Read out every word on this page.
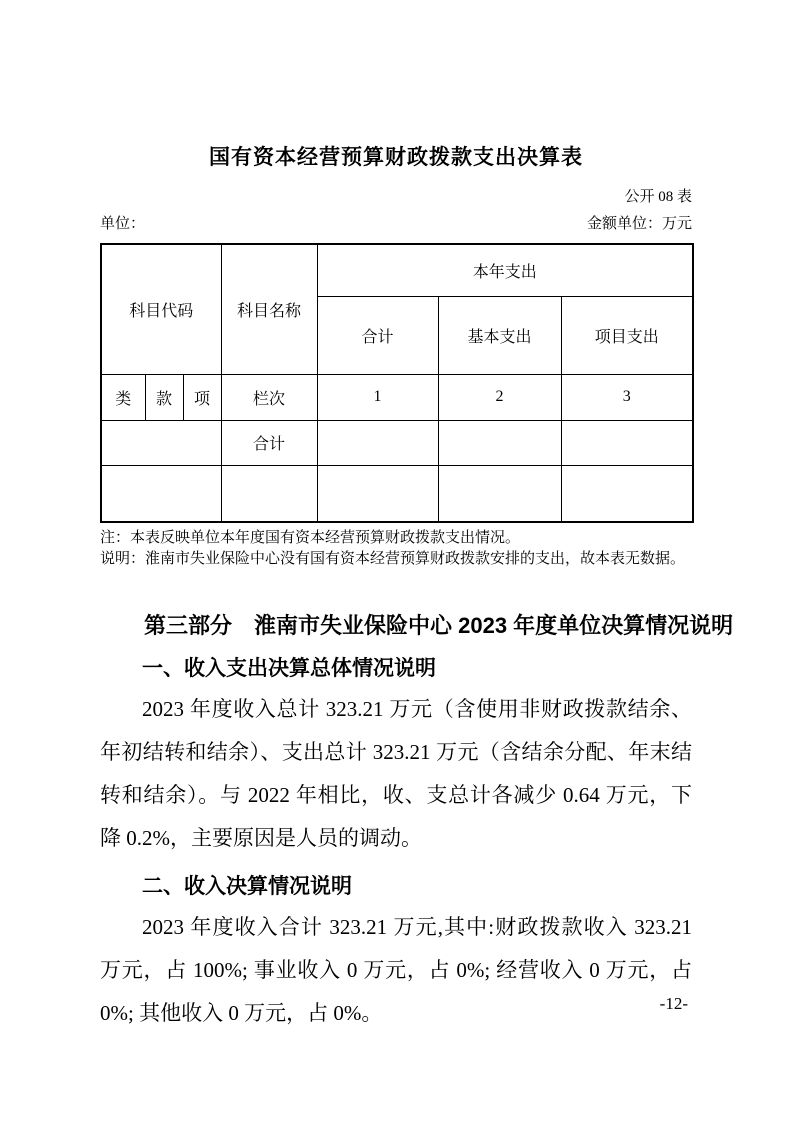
国有资本经营预算财政拨款支出决算表
公开 08 表
单位：	金额单位：万元
科目代码			科目名称	本年支出		
				合计	基本支出	项目支出
类	款	项	栏次	1	2	3
			合计			

注：本表反映单位本年度国有资本经营预算财政拨款支出情况。
说明：淮南市失业保险中心没有国有资本经营预算财政拨款安排的支出，故本表无数据。
第三部分　淮南市失业保险中心 2023 年度单位决算情况说明
一、收入支出决算总体情况说明

2023 年度收入总计 323.21 万元（含使用非财政拨款结余、年初结转和结余）、支出总计 323.21 万元（含结余分配、年末结转和结余）。与 2022 年相比，收、支总计各减少 0.64 万元，下降 0.2%，主要原因是人员的调动。

二、收入决算情况说明

2023 年度收入合计 323.21 万元,其中:财政拨款收入 323.21 万元，占 100%; 事业收入 0 万元，占 0%; 经营收入 0 万元，占 0%; 其他收入 0 万元，占 0%。	-12-
